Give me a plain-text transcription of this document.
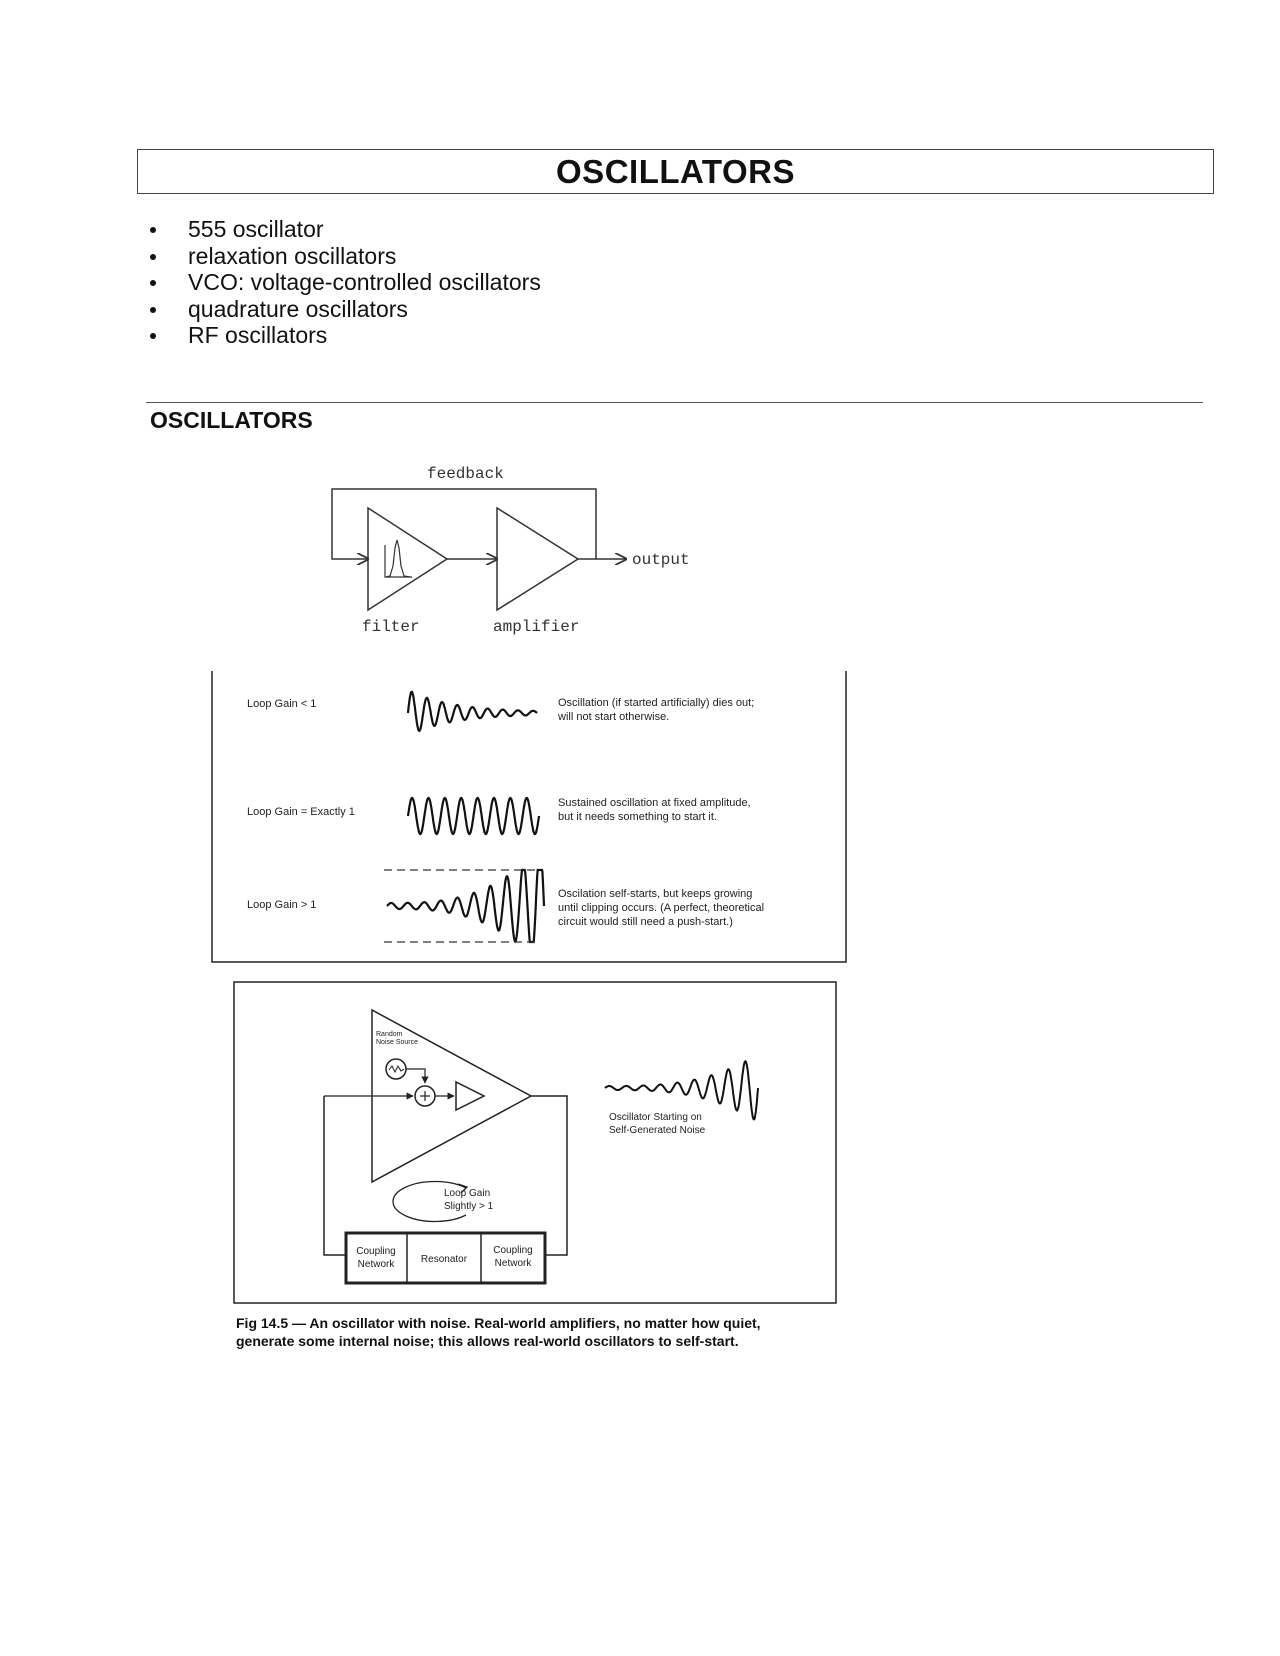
OSCILLATORS
555 oscillator
relaxation oscillators
VCO: voltage-controlled oscillators
quadrature oscillators
RF oscillators
OSCILLATORS
feedback
output
filter	amplifier
Loop Gain < 1	Oscillation (if started artificially) dies out;
will not start otherwise.
Loop Gain = Exactly 1
Sustained oscillation at fixed amplitude,
but it needs something to start it.
Loop Gain > 1
Oscilation self-starts, but keeps growing
until clipping occurs. (A perfect, theoretical
circuit would still need a push-start.)
Random
Noise Source
Loop Gain
Slightly > 1
Coupling
Network	Resonator
Coupling
Network
Oscillator Starting on
Self-Generated Noise
Fig 14.5 — An oscillator with noise. Real-world amplifiers, no matter how quiet,
generate some internal noise; this allows real-world oscillators to self-start.
